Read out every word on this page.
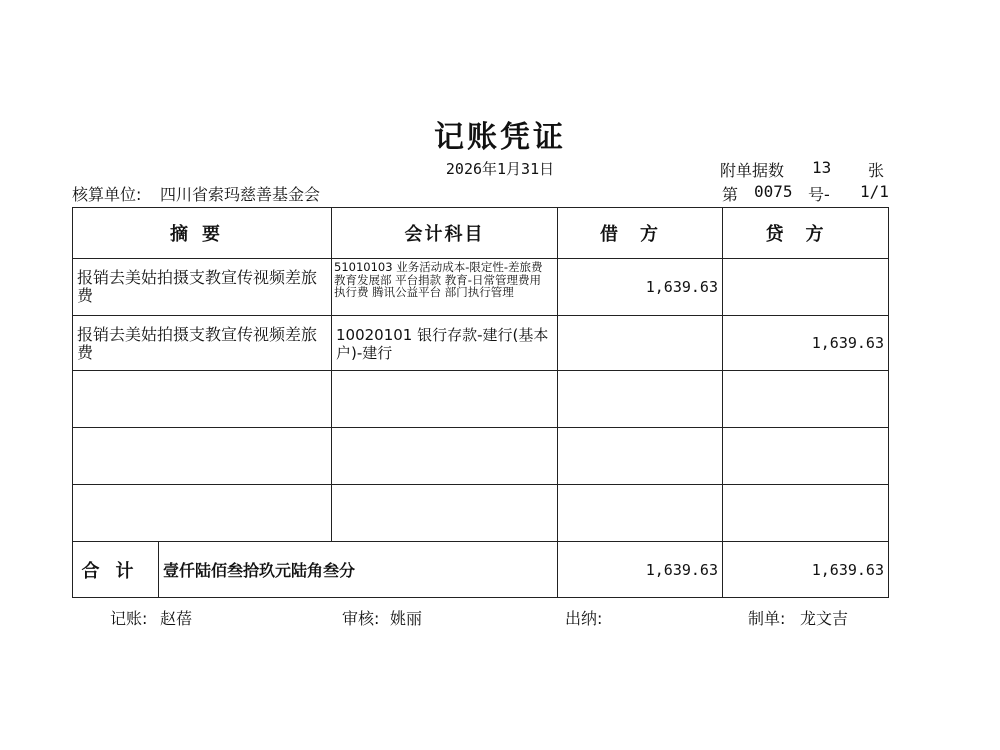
记账凭证
2026年1月31日	附单据数 13 张
核算单位: 四川省索玛慈善基金会	第 0075 号- 1/1
摘要		会计科目	借方	贷方
报销去美姑拍摄支教宣传视频差旅费		51010103 业务活动成本-限定性-差旅费 教育发展部 平台捐款 教育-日常管理费用 执行费 腾讯公益平台 部门执行管理	1,639.63	
报销去美姑拍摄支教宣传视频差旅费		10020101 银行存款-建行(基本户)-建行		1,639.63

合计	壹仟陆佰叁拾玖元陆角叁分		1,639.63	1,639.63
记账: 赵蓓	审核: 姚丽	出纳:	制单: 龙文吉
